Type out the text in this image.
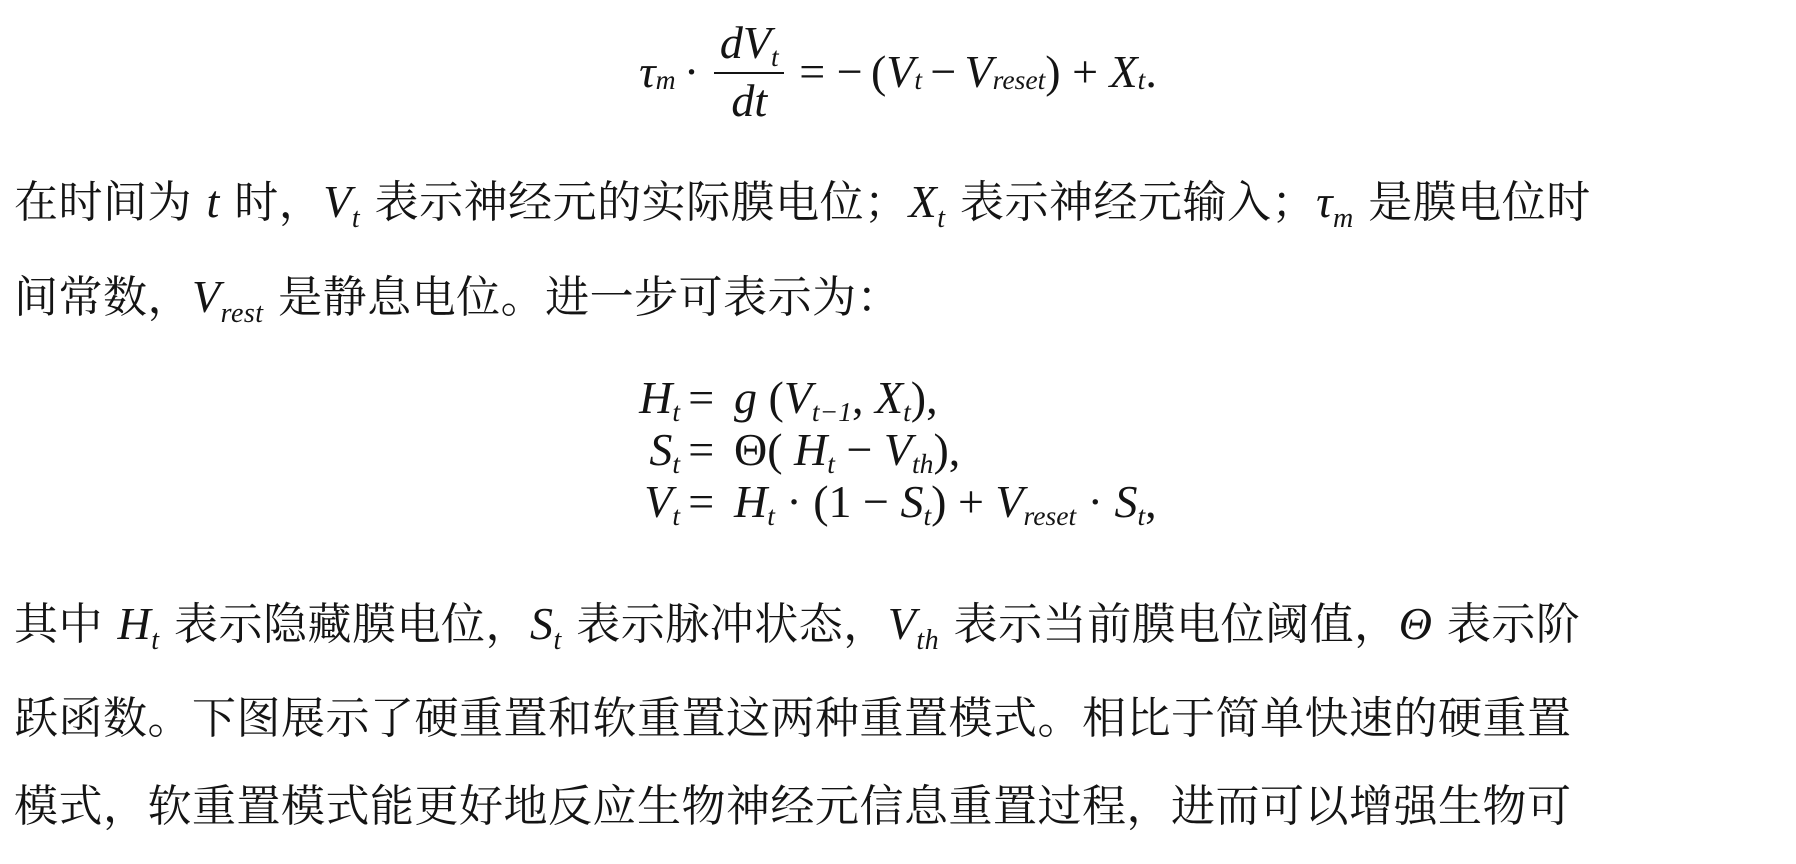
τ $m \cdot \frac{\text{dVt}}{dt}$ = − ( V t − V reset ) +
X t .
在时间为 t 时，$V_t$ 表示神经元的实际膜电位；$X_t$ 表示神经元输入；$\tau_m$ 是膜电位时
间常数，$V_{rest}$ 是静息电位。进一步可表示为：
Ht = g (Vt−1, Xt),
St = Θ( Ht − Vth),
Vt = Ht · (1 − St) + Vreset · St,
其中 $H_t$ 表示隐藏膜电位，$S_t$ 表示脉冲状态，$V_{th}$ 表示当前膜电位阈值，Θ 表示阶
跃函数。下图展示了硬重置和软重置这两种重置模式。相比于简单快速的硬重置
模式，软重置模式能更好地反应生物神经元信息重置过程，进而可以增强生物可
